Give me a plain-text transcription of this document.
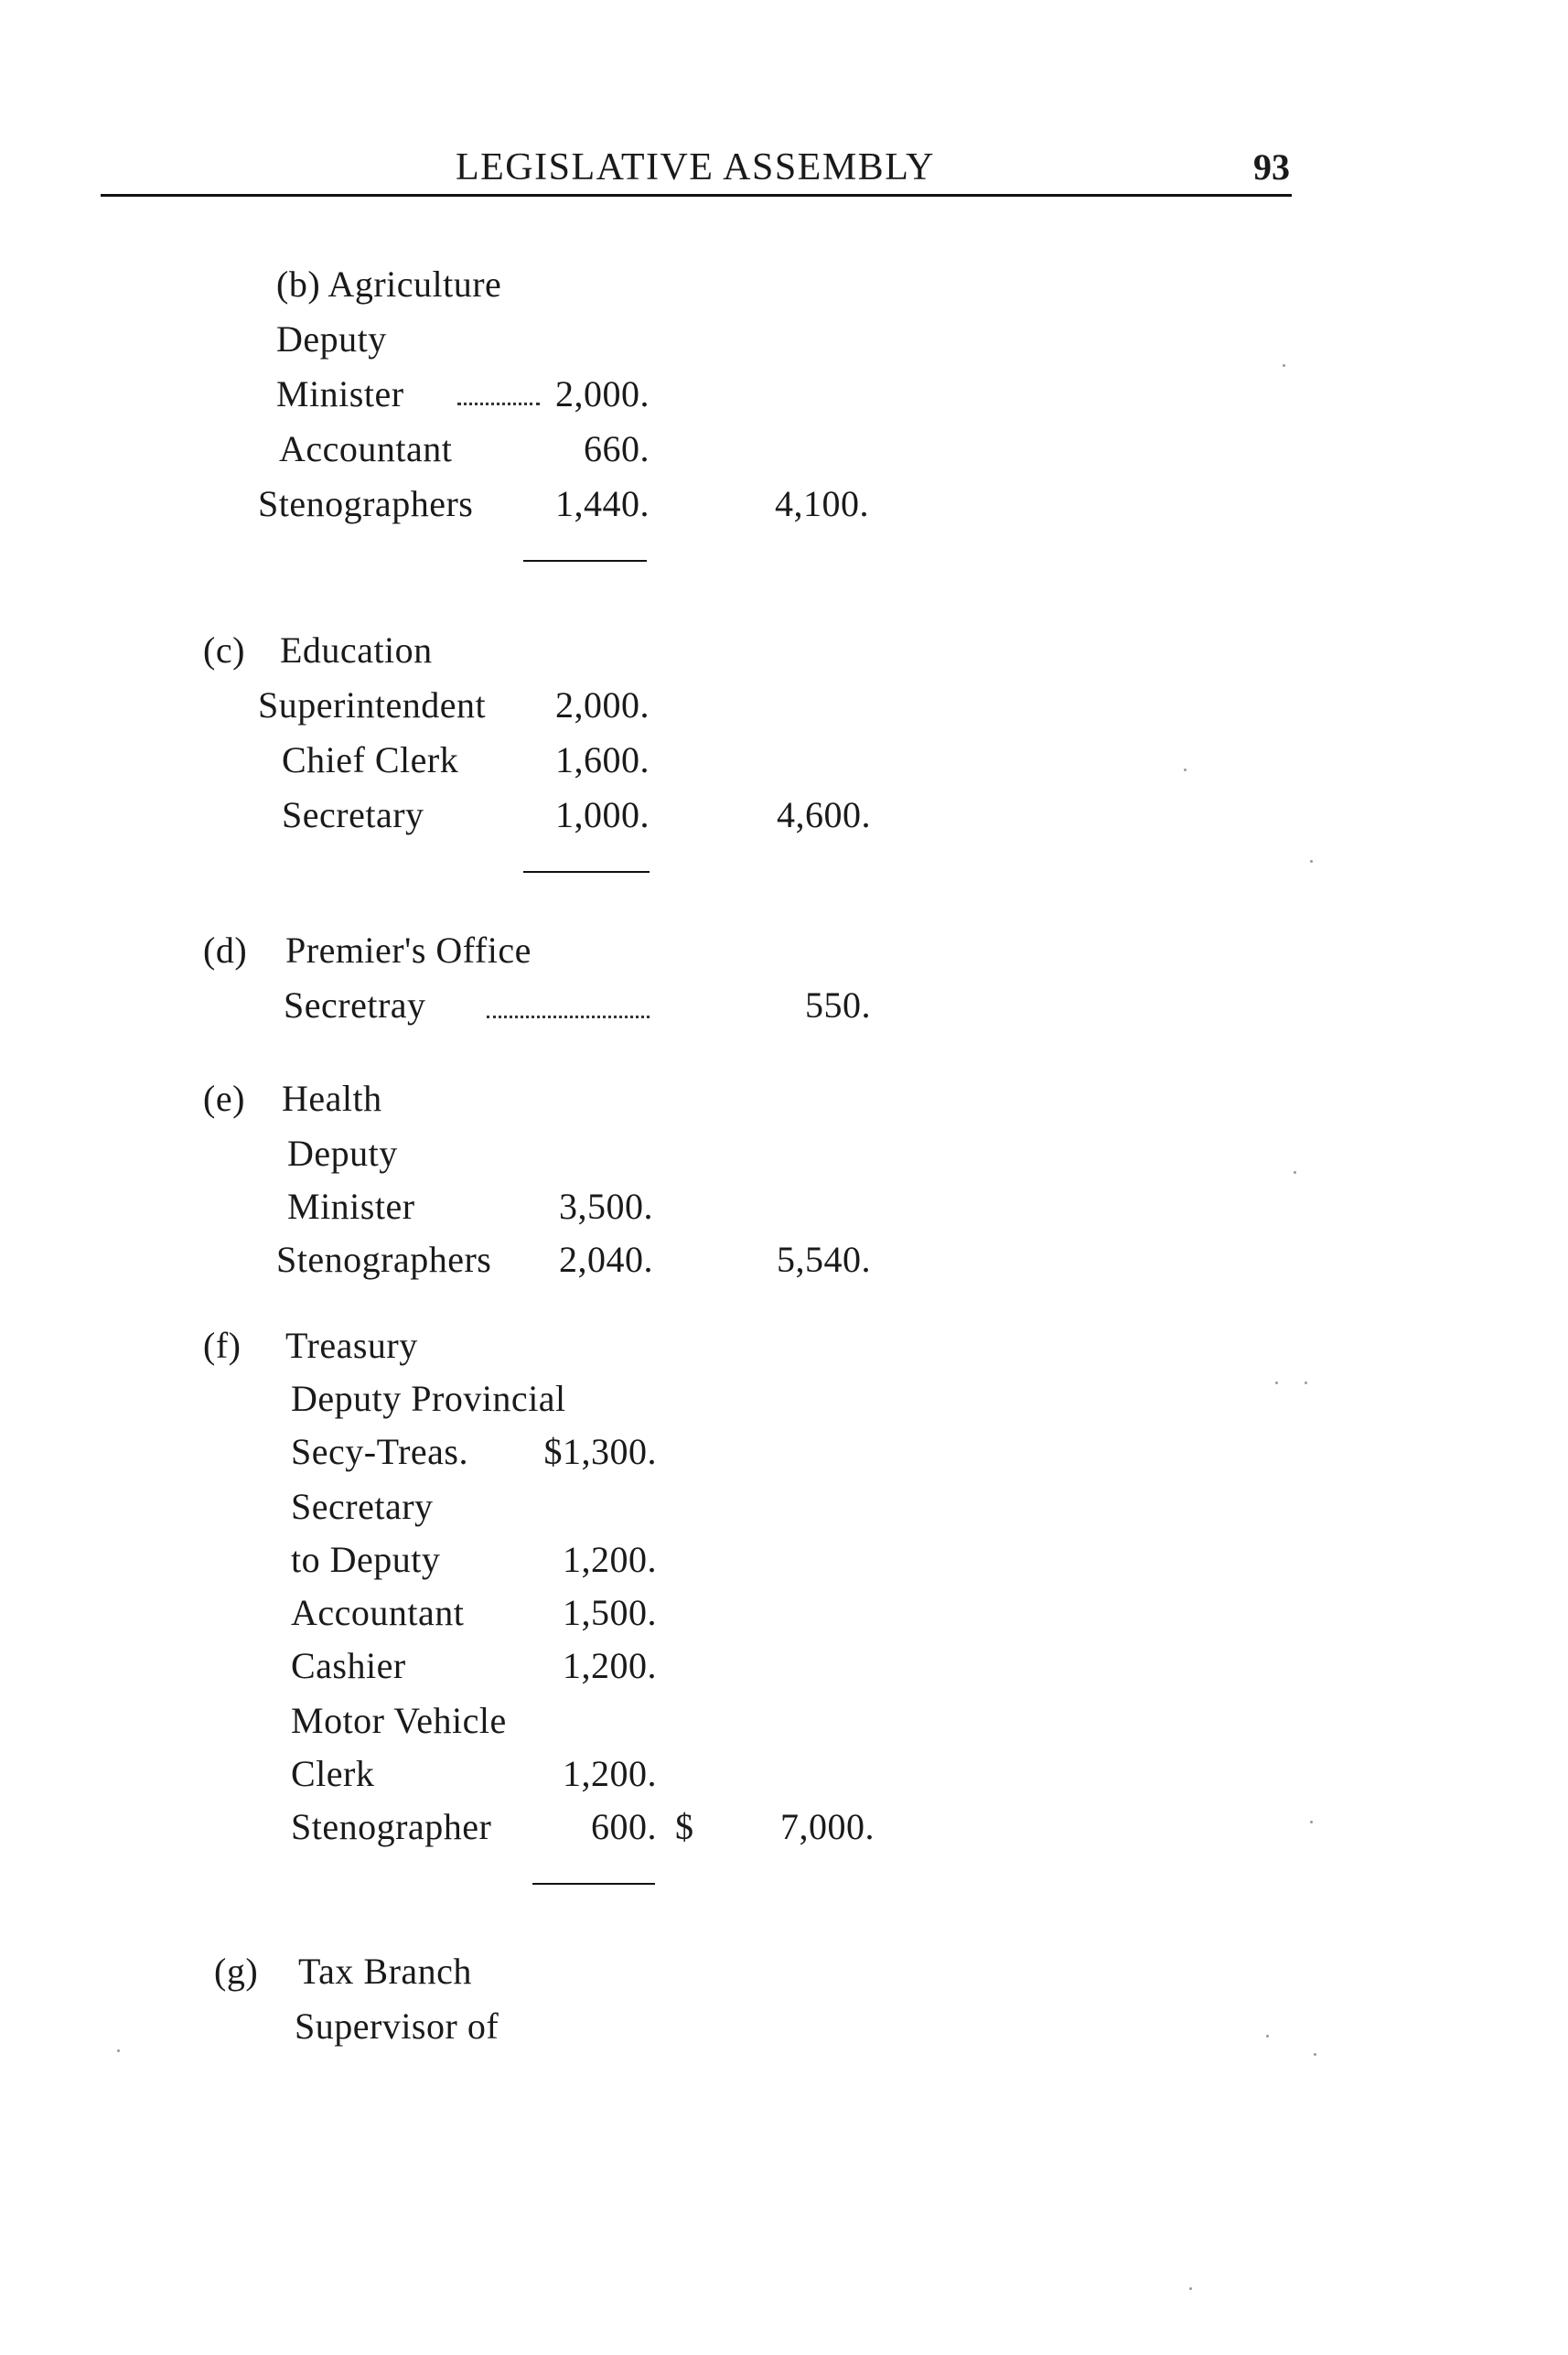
LEGISLATIVE ASSEMBLY	93
(b) Agriculture
Deputy
Minister	2,000.
Accountant	660.
Stenographers	1,440.	4,100.
(c) Education
Superintendent	2,000.
Chief Clerk	1,600.
Secretary	1,000.	4,600.
(d) Premier's Office
Secretray	550.
(e) Health
Deputy
Minister	3,500.
Stenographers	2,040.	5,540.
(f) Treasury
Deputy Provincial
Secy-Treas.	$1,300.
Secretary
to Deputy	1,200.
Accountant	1,500.
Cashier	1,200.
Motor Vehicle
Clerk	1,200.
Stenographer	600. $	7,000.
(g) Tax Branch
Supervisor of
